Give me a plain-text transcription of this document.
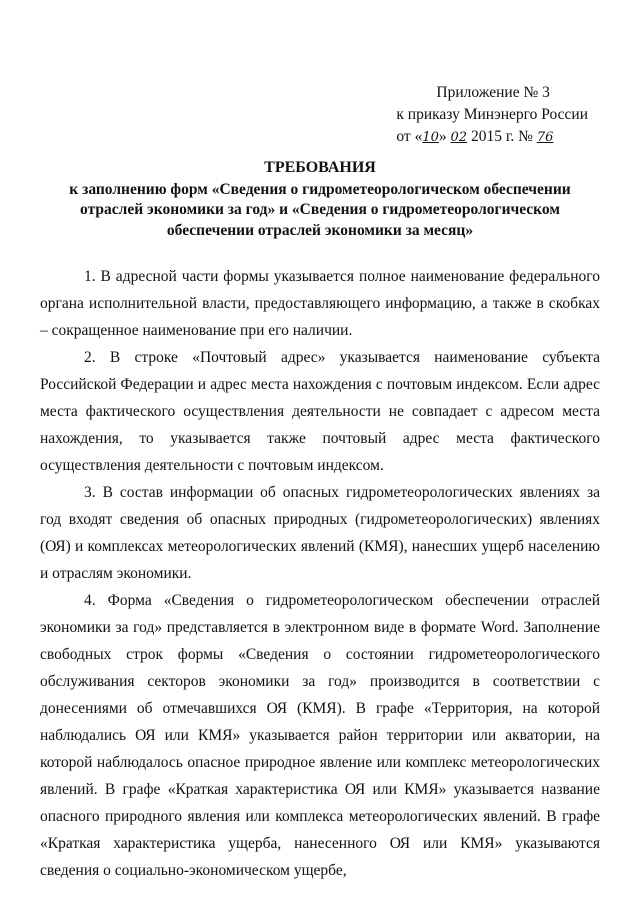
Приложение № 3
к приказу Минэнерго России
от «10» 02 2015 г. № 76
ТРЕБОВАНИЯ
к заполнению форм «Сведения о гидрометеорологическом обеспечении
отраслей экономики за год» и «Сведения о гидрометеорологическом
обеспечении отраслей экономики за месяц»

1. В адресной части формы указывается полное наименование федерального органа исполнительной власти, предоставляющего информацию, а также в скобках – сокращенное наименование при его наличии.

2. В строке «Почтовый адрес» указывается наименование субъекта Российской Федерации и адрес места нахождения с почтовым индексом. Если адрес места фактического осуществления деятельности не совпадает с адресом места нахождения, то указывается также почтовый адрес места фактического осуществления деятельности с почтовым индексом.

3. В состав информации об опасных гидрометеорологических явлениях за год входят сведения об опасных природных (гидрометеорологических) явлениях (ОЯ) и комплексах метеорологических явлений (КМЯ), нанесших ущерб населению и отраслям экономики.

4. Форма «Сведения о гидрометеорологическом обеспечении отраслей экономики за год» представляется в электронном виде в формате Word. Заполнение свободных строк формы «Сведения о состоянии гидрометеорологического обслуживания секторов экономики за год» производится в соответствии с донесениями об отмечавшихся ОЯ (КМЯ). В графе «Территория, на которой наблюдались ОЯ или КМЯ» указывается район территории или акватории, на которой наблюдалось опасное природное явление или комплекс метеорологических явлений. В графе «Краткая характеристика ОЯ или КМЯ» указывается название опасного природного явления или комплекса метеорологических явлений. В графе «Краткая характеристика ущерба, нанесенного ОЯ или КМЯ» указываются сведения о социально-экономическом ущербе,
